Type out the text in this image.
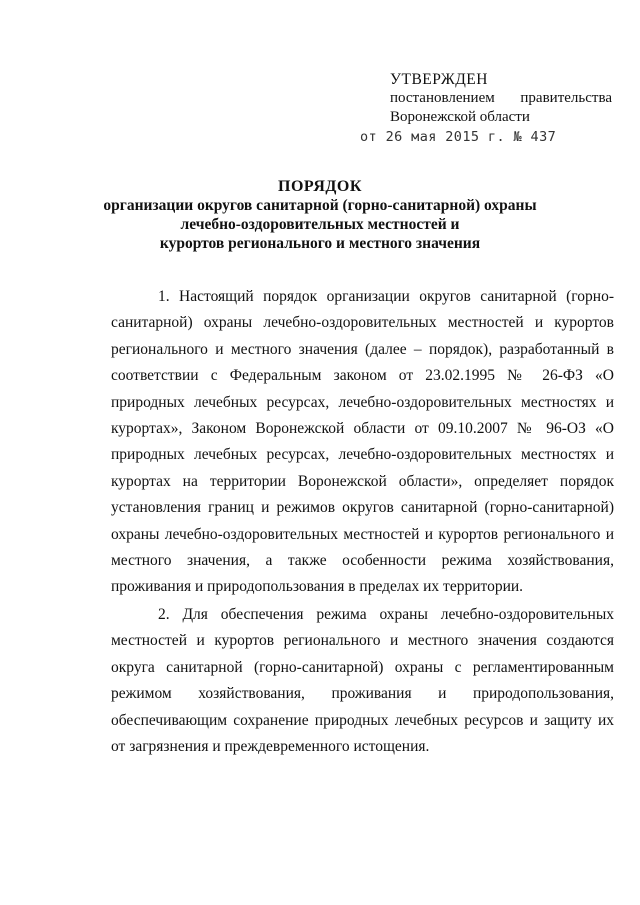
УТВЕРЖДЕН
постановлением правительства
Воронежской области
от 26 мая 2015 г. № 437
ПОРЯДОК
организации округов санитарной (горно-санитарной) охраны
лечебно-оздоровительных местностей и
курортов регионального и местного значения

1. Настоящий порядок организации округов санитарной (горно-санитарной) охраны лечебно-оздоровительных местностей и курортов регионального и местного значения (далее – порядок), разработанный в соответствии с Федеральным законом от 23.02.1995 № 26-ФЗ «О природных лечебных ресурсах, лечебно-оздоровительных местностях и курортах», Законом Воронежской области от 09.10.2007 № 96-ОЗ «О природных лечебных ресурсах, лечебно-оздоровительных местностях и курортах на территории Воронежской области», определяет порядок установления границ и режимов округов санитарной (горно-санитарной) охраны лечебно-оздоровительных местностей и курортов регионального и местного значения, а также особенности режима хозяйствования, проживания и природопользования в пределах их территории.

2. Для обеспечения режима охраны лечебно-оздоровительных местностей и курортов регионального и местного значения создаются округа санитарной (горно-санитарной) охраны с регламентированным режимом хозяйствования, проживания и природопользования, обеспечивающим сохранение природных лечебных ресурсов и защиту их от загрязнения и преждевременного истощения.
